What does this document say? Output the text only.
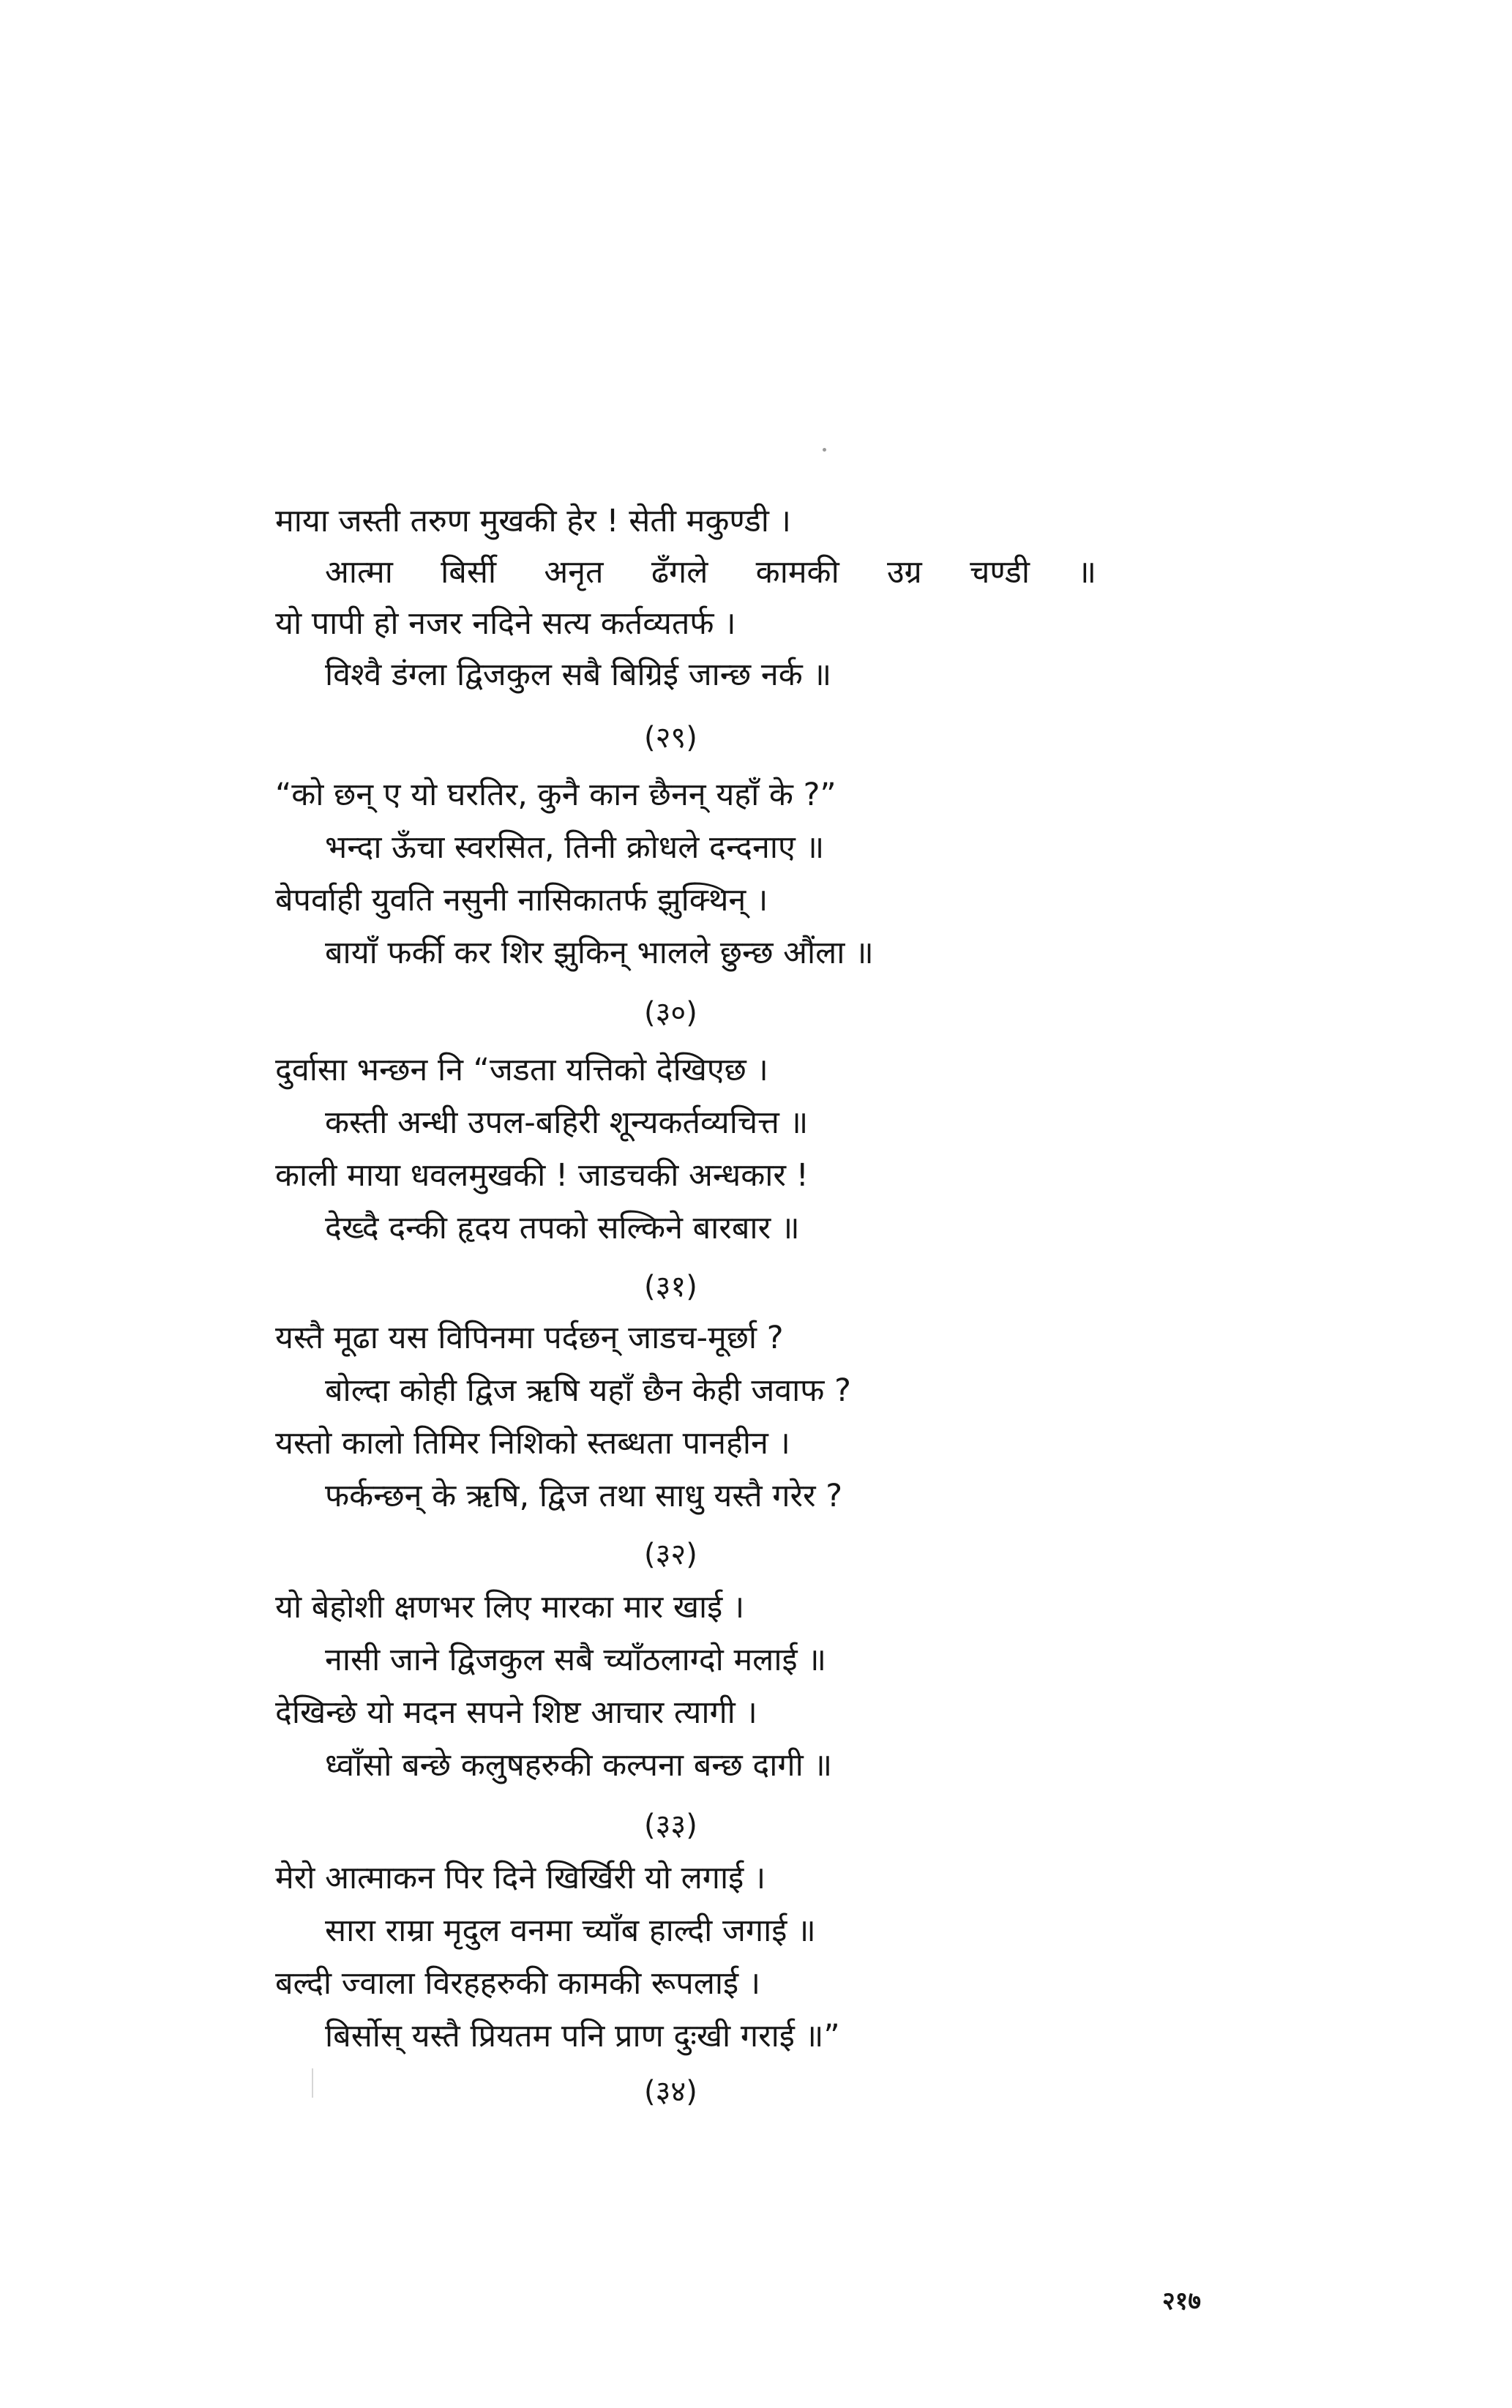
माया जस्ती तरुण मुखकी हेर ! सेती मकुण्डी ।
आत्मा बिर्सी अनृत ढँगले कामकी उग्र चण्डी ॥
यो पापी हो नजर नदिने सत्य कर्तव्यतर्फ ।
विश्वै डंग्ला द्विजकुल सबै बिग्रिई जान्छ नर्क ॥
(२९)
“को छन् ए यो घरतिर, कुनै कान छैनन् यहाँ के ?”
भन्दा ऊँचा स्वरसित, तिनी क्रोधले दन्दनाए ॥
बेपर्वाही युवति नसुनी नासिकातर्फ झुक्थिन् ।
बायाँ फर्की कर शिर झुकिन् भालले छुन्छ औंला ॥
(३०)
दुर्वासा भन्छन नि “जडता यत्तिको देखिएछ ।
कस्ती अन्धी उपल-बहिरी शून्यकर्तव्यचित्त ॥
काली माया धवलमुखकी ! जाडचकी अन्धकार !
देख्दै दन्की हृदय तपको सल्किने बारबार ॥
(३१)
यस्तै मूढा यस विपिनमा पर्दछन् जाडच-मूर्छा ?
बोल्दा कोही द्विज ऋषि यहाँ छैन केही जवाफ ?
यस्तो कालो तिमिर निशिको स्तब्धता पानहीन ।
फर्कन्छन् के ऋषि, द्विज तथा साधु यस्तै गरेर ?
(३२)
यो बेहोशी क्षणभर लिए मारका मार खाई ।
नासी जाने द्विजकुल सबै च्याँठलाग्दो मलाई ॥
देखिन्छे यो मदन सपने शिष्ट आचार त्यागी ।
ध्वाँसो बन्छे कलुषहरुकी कल्पना बन्छ दागी ॥
(३३)
मेरो आत्माकन पिर दिने खिर्खिरी यो लगाई ।
सारा राम्रा मृदुल वनमा च्याँब हाल्दी जगाई ॥
बल्दी ज्वाला विरहहरुकी कामकी रूपलाई ।
बिर्सोस् यस्तै प्रियतम पनि प्राण दुःखी गराई ॥”
(३४)
२१७
